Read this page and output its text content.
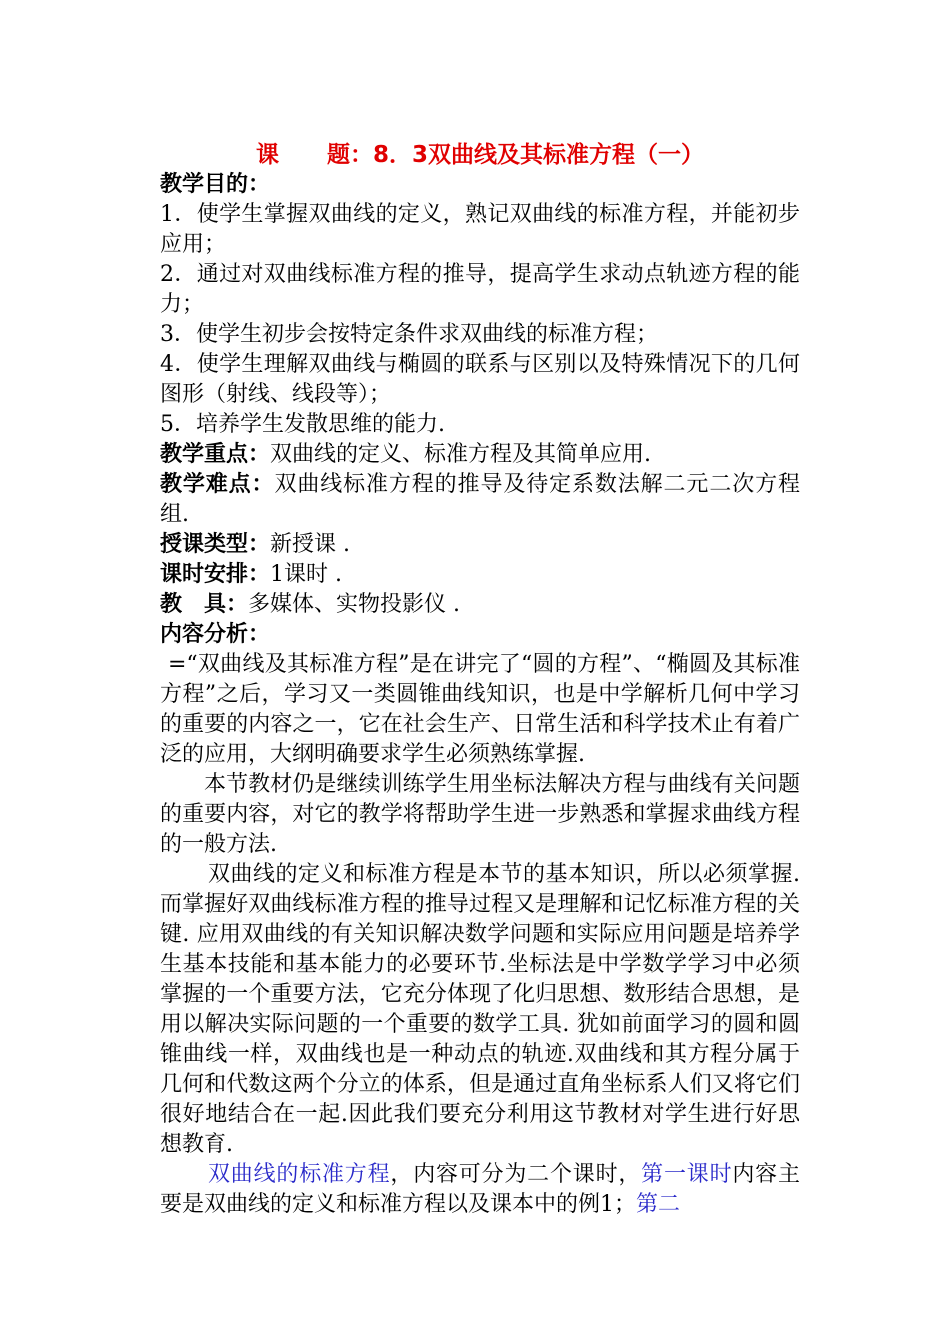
课 题：8．3双曲线及其标准方程（一）
教学目的：
1．使学生掌握双曲线的定义，熟记双曲线的标准方程，并能初步应用；
2．通过对双曲线标准方程的推导，提高学生求动点轨迹方程的能力；
3．使学生初步会按特定条件求双曲线的标准方程；
4．使学生理解双曲线与椭圆的联系与区别以及特殊情况下的几何图形（射线、线段等）；
5．培养学生发散思维的能力.
教学重点：双曲线的定义、标准方程及其简单应用.
教学难点：双曲线标准方程的推导及待定系数法解二元二次方程组.
授课类型：新授课 .
课时安排：1课时 .
教　具：多媒体、实物投影仪 .
内容分析：
=“双曲线及其标准方程”是在讲完了“圆的方程”、“椭圆及其标准方程”之后，学习又一类圆锥曲线知识，也是中学解析几何中学习的重要的内容之一，它在社会生产、日常生活和科学技术止有着广泛的应用，大纲明确要求学生必须熟练掌握.
本节教材仍是继续训练学生用坐标法解决方程与曲线有关问题的重要内容，对它的教学将帮助学生进一步熟悉和掌握求曲线方程的一般方法.
双曲线的定义和标准方程是本节的基本知识，所以必须掌握.而掌握好双曲线标准方程的推导过程又是理解和记忆标准方程的关键. 应用双曲线的有关知识解决数学问题和实际应用问题是培养学生基本技能和基本能力的必要环节.坐标法是中学数学学习中必须掌握的一个重要方法，它充分体现了化归思想、数形结合思想，是用以解决实际问题的一个重要的数学工具. 犹如前面学习的圆和圆锥曲线一样，双曲线也是一种动点的轨迹.双曲线和其方程分属于几何和代数这两个分立的体系，但是通过直角坐标系人们又将它们很好地结合在一起.因此我们要充分利用这节教材对学生进行好思想教育.
双曲线的标准方程，内容可分为二个课时，第一课时内容主要是双曲线的定义和标准方程以及课本中的例1；第二
